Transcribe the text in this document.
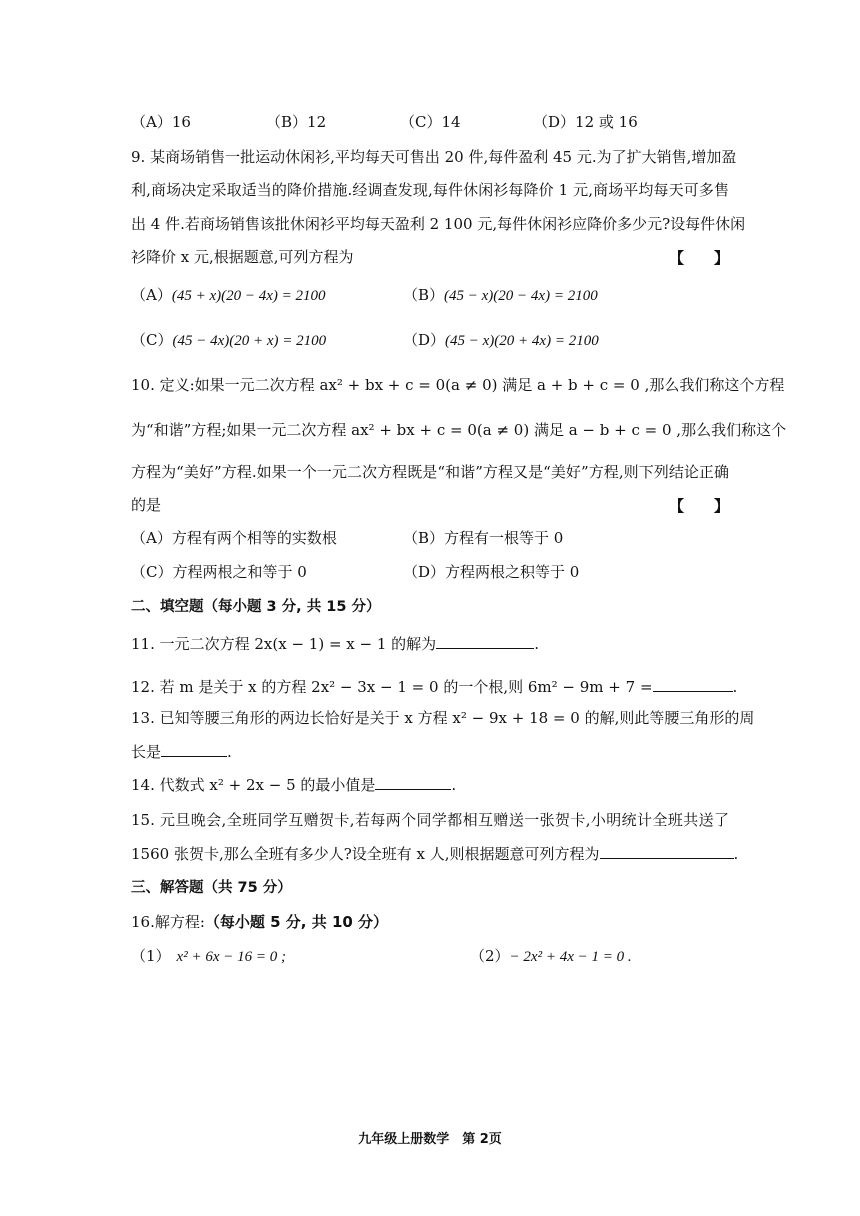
（A）16	（B）12	（C）14	（D）12 或 16
9. 某商场销售一批运动休闲衫,平均每天可售出 20 件,每件盈利 45 元.为了扩大销售,增加盈
利,商场决定采取适当的降价措施.经调查发现,每件休闲衫每降价 1 元,商场平均每天可多售
出 4 件.若商场销售该批休闲衫平均每天盈利 2 100 元,每件休闲衫应降价多少元?设每件休闲
衫降价 x 元,根据题意,可列方程为	【　　】
（A）(45 + x)(20 − 4x) = 2100	（B）(45 − x)(20 − 4x) = 2100
（C）(45 − 4x)(20 + x) = 2100	（D）(45 − x)(20 + 4x) = 2100
10. 定义:如果一元二次方程 ax² + bx + c = 0(a ≠ 0) 满足 a + b + c = 0 ,那么我们称这个方程
为“和谐”方程;如果一元二次方程 ax² + bx + c = 0(a ≠ 0) 满足 a − b + c = 0 ,那么我们称这个
方程为“美好”方程.如果一个一元二次方程既是“和谐”方程又是“美好”方程,则下列结论正确
的是	【　　】
（A）方程有两个相等的实数根	（B）方程有一根等于 0
（C）方程两根之和等于 0	（D）方程两根之积等于 0
二、填空题（每小题 3 分, 共 15 分）
11. 一元二次方程 2x(x − 1) = x − 1 的解为	.
12. 若 m 是关于 x 的方程 2x² − 3x − 1 = 0 的一个根,则 6m² − 9m + 7 =	.
13. 已知等腰三角形的两边长恰好是关于 x 方程 x² − 9x + 18 = 0 的解,则此等腰三角形的周
长是	.
14. 代数式 x² + 2x − 5 的最小值是	.
15. 元旦晚会,全班同学互赠贺卡,若每两个同学都相互赠送一张贺卡,小明统计全班共送了
1560 张贺卡,那么全班有多少人?设全班有 x 人,则根据题意可列方程为	.
三、解答题（共 75 分）
16.解方程:（每小题 5 分, 共 10 分）
（1） x² + 6x − 16 = 0 ;	（2）− 2x² + 4x − 1 = 0 .
九年级上册数学　第 2页
